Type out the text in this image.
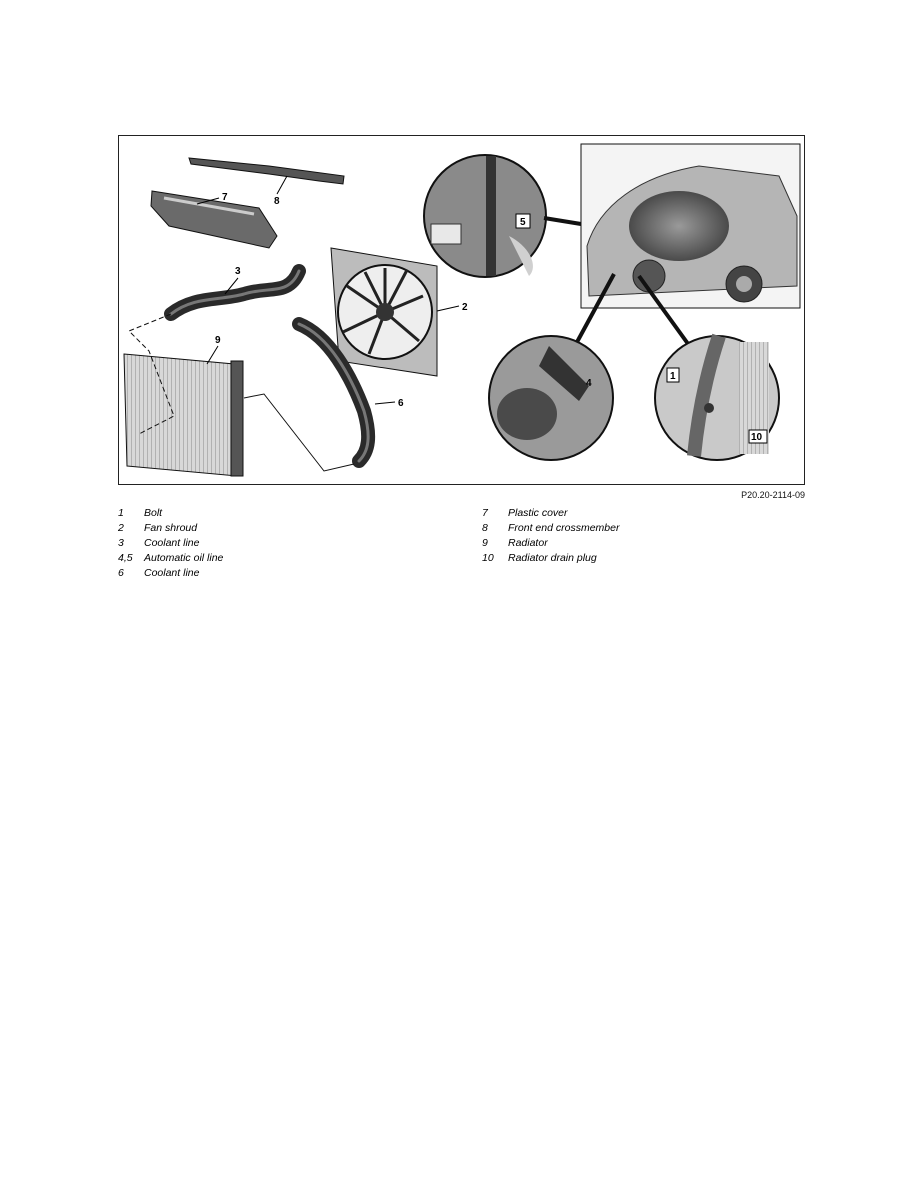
7	8
3
2
9
6
5
4
1
10
P20.20-2114-09
1	Bolt
2	Fan shroud
3	Coolant line
4,5	Automatic oil line
6	Coolant line
7	Plastic cover
8	Front end crossmember
9	Radiator
10	Radiator drain plug
